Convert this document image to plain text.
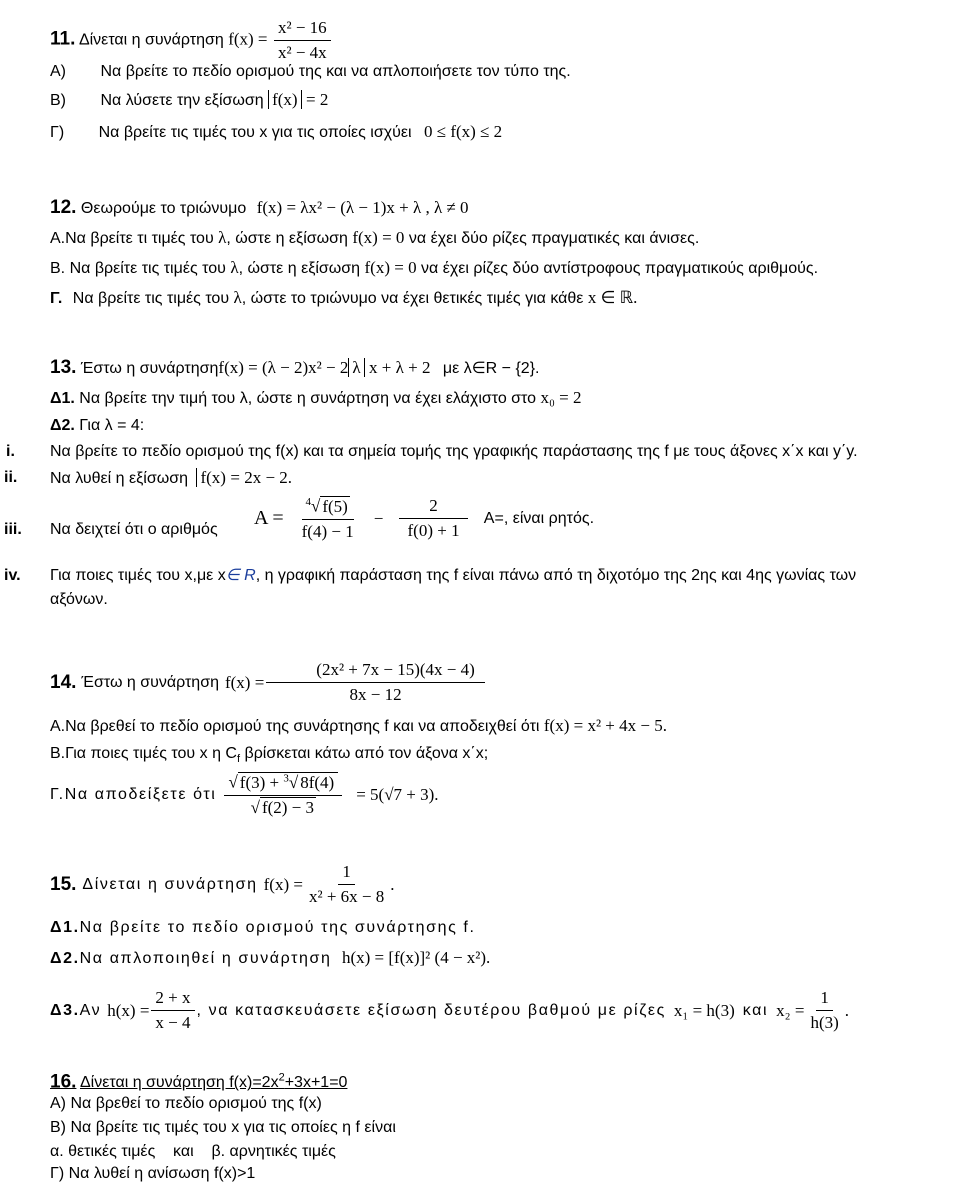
11. Δίνεται η συνάρτηση $f(x) = \frac{\text{x² − 16}}{\text{x² − 4x}}$
Α) Να βρείτε το πεδίο ορισμού της και να απλοποιήσετε τον τύπο της.
Β) Να λύσετε την εξίσωση f(x) = 2
Γ) Να βρείτε τις τιμές του x για τις οποίες ισχύει 0 ≤ f(x) ≤ 2
12. Θεωρούμε το τριώνυμο f(x) = λx² − (λ − 1)x + λ , λ ≠ 0
Α.Να βρείτε τι τιμές του λ, ώστε η εξίσωση f(x) = 0 να έχει δύο ρίζες πραγματικές και άνισες.
Β. Να βρείτε τις τιμές του λ, ώστε η εξίσωση f(x) = 0 να έχει ρίζες δύο αντίστροφους πραγματικούς αριθμούς.
Γ. Να βρείτε τις τιμές του λ, ώστε το τριώνυμο να έχει θετικές τιμές για κάθε x ∈ ℝ.
13. Έστω η συνάρτησηf(x) = (λ − 2)x² − 2 λ x + λ + 2 με λ∈R − {2}.
Δ1. Να βρείτε την τιμή του λ, ώστε η συνάρτηση να έχει ελάχιστο στο x₀ = 2
Δ2. Για λ = 4:
i. Να βρείτε το πεδίο ορισμού της f(x) και τα σημεία τομής της γραφικής παράστασης της f με τους άξονες x΄x και y΄y.
ii. Να λυθεί η εξίσωση f(x) = 2x − 2.
iii. Να δειχτεί ότι ο αριθμός
$A = \frac{^4√ f(5)}{f(4) - 1} - \frac{2}{f(0) + 1} A=$, είναι ρητός.
iv. Για ποιες τιμές του x,με x∈ R, η γραφική παράσταση της f είναι πάνω από τη διχοτόμο της 2ης και 4ης γωνίας των
αξόνων.
14. Έστω η συνάρτηση $f(x) = \frac{\text{(2x² + 7x − 15)(4x − 4)}}{8x - 12}$
Α.Να βρεθεί το πεδίο ορισμού της συνάρτησης f και να αποδειχθεί ότι f(x) = x² + 4x − 5.
Β.Για ποιες τιμές του x η $C_f$ βρίσκεται κάτω από τον άξονα x΄x;
Γ.Να αποδείξετε ότι $\frac{√ f(3) + ^3√ 8f(4)}{√ f(2) - 3} = 5(√7 + 3)$.
15. Δίνεται η συνάρτηση $f(x) = \frac{1}{\text{x² + 6x − 8}}$ .
Δ1.Να βρείτε το πεδίο ορισμού της συνάρτησης f.
Δ2.Να απλοποιηθεί η συνάρτηση h(x) = [f(x)]² (4 − x²).
Δ3. Αν $h(x) = \frac{2 + x}{x - 4}$ , να κατασκευάσετε εξίσωση δευτέρου βαθμού με ρίζες x₁ = h(3) και $x_2 = \frac{1}{h(3)}$ .
16. Δίνεται η συνάρτηση $f(x)=2x^2+3x+1=0$
Α) Να βρεθεί το πεδίο ορισμού της f(x)
Β) Να βρείτε τις τιμές του x για τις οποίες η f είναι
α. θετικές τιμές    και    β. αρνητικές τιμές
Γ) Να λυθεί η ανίσωση f(x)>1
